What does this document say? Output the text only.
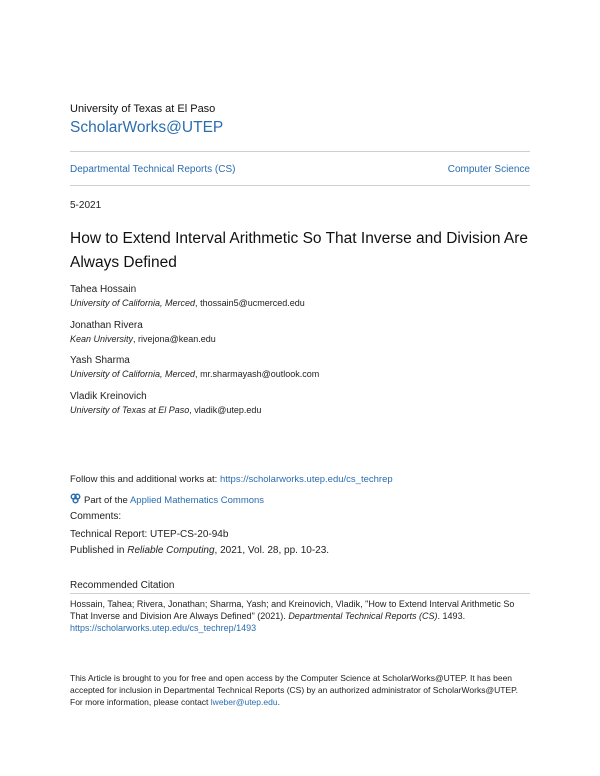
University of Texas at El Paso
ScholarWorks@UTEP
Departmental Technical Reports (CS)	Computer Science
5-2021
How to Extend Interval Arithmetic So That Inverse and Division Are Always Defined
Tahea Hossain
University of California, Merced, thossain5@ucmerced.edu
Jonathan Rivera
Kean University, rivejona@kean.edu
Yash Sharma
University of California, Merced, mr.sharmayash@outlook.com
Vladik Kreinovich
University of Texas at El Paso, vladik@utep.edu
Follow this and additional works at: https://scholarworks.utep.edu/cs_techrep
Part of the Applied Mathematics Commons
Comments:
Technical Report: UTEP-CS-20-94b
Published in Reliable Computing, 2021, Vol. 28, pp. 10-23.
Recommended Citation
Hossain, Tahea; Rivera, Jonathan; Sharma, Yash; and Kreinovich, Vladik, "How to Extend Interval Arithmetic So That Inverse and Division Are Always Defined" (2021). Departmental Technical Reports (CS). 1493.
https://scholarworks.utep.edu/cs_techrep/1493
This Article is brought to you for free and open access by the Computer Science at ScholarWorks@UTEP. It has been accepted for inclusion in Departmental Technical Reports (CS) by an authorized administrator of ScholarWorks@UTEP. For more information, please contact lweber@utep.edu.
